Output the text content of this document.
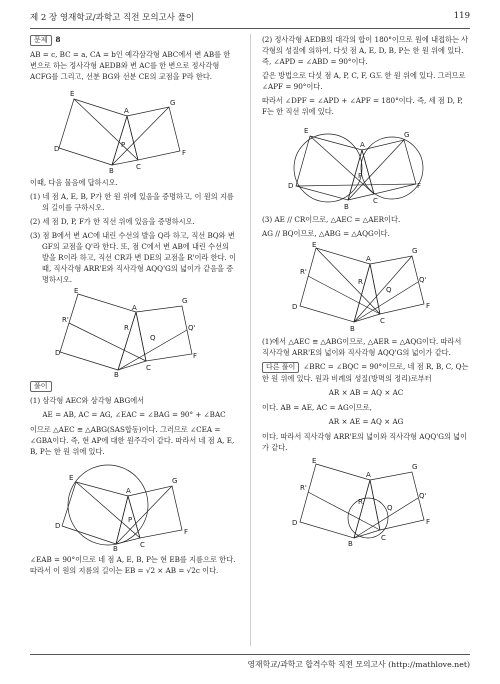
제 2 장 영재학교/과학고 직전 모의고사 풀이	119

문제 8

AB = c, BC = a, CA = b인 예각삼각형 ABC에서 변 AB를 한 변으로 하는 정사각형 AEDB와 변 AC를 한 변으로 정사각형 ACFG를 그리고, 선분 BG와 선분 CE의 교점을 P라 한다.

E
D
A
G
F
B	C
P

이때, 다음 물음에 답하시오.

(1) 네 점 A, E, B, P가 한 원 위에 있음을 증명하고, 이 원의 지름의 길이를 구하시오.

(2) 세 점 D, P, F가 한 직선 위에 있음을 증명하시오.

(3) 점 B에서 변 AC에 내린 수선의 발을 Q라 하고, 직선 BQ와 변 GF의 교점을 Q'라 한다. 또, 점 C에서 변 AB에 내린 수선의 발을 R이라 하고, 직선 CR과 변 DE의 교점을 R'이라 한다. 이때, 직사각형 ARR'E와 직사각형 AQQ'G의 넓이가 같음을 증명하시오.

E
D
R'
A
G
Q'
F
B
C
R
Q

풀이

(1) 삼각형 AEC와 삼각형 ABG에서

AE = AB, AC = AG, ∠EAC = ∠BAG = 90° + ∠BAC

이므로 △AEC ≡ △ABG(SAS합동)이다. 그러므로 ∠CEA = ∠GBA이다. 즉, 현 AP에 대한 원주각이 같다. 따라서 네 점 A, E, B, P는 한 원 위에 있다.

E
D
A
G
F
B	C
P

∠EAB = 90°이므로 네 점 A, E, B, P는 현 EB를 지름으로 한다. 따라서 이 원의 지름의 길이는 EB = √2 × AB = √2c 이다.

(2) 정사각형 AEDB의 대각의 합이 180°이므로 원에 내접하는 사각형의 성질에 의하여, 다섯 점 A, E, D, B, P는 한 원 위에 있다. 즉, ∠APD = ∠ABD = 90°이다.

같은 방법으로 다섯 점 A, P, C, F, G도 한 원 위에 있다. 그러므로 ∠APF = 90°이다.

따라서 ∠DPF = ∠APD + ∠APF = 180°이다. 즉, 세 점 D, P, F는 한 직선 위에 있다.

E
D
A
G
F
B
C
P

(3) AE // CR이므로, △AEC = △AER이다.

AG // BQ이므로, △ABG = △AQG이다.

E
D
R'
A
G
Q'
F
B
C
R
Q

(1)에서 △AEC ≡ △ABG이므로, △AER = △AQG이다. 따라서 직사각형 ARR'E의 넓이와 직사각형 AQQ'G의 넓이가 같다.

다른 풀이 ∠BRC = ∠BQC = 90°이므로, 네 점 R, B, C, Q는 한 원 위에 있다. 원과 비례의 성질(방멱의 정리)로부터

AR × AB = AQ × AC

이다. AB = AE, AC = AG이므로,

AR × AE = AQ × AG

이다. 따라서 직사각형 ARR'E의 넓이와 직사각형 AQQ'G의 넓이가 같다.

E
D
R'
A
G
Q'
F
B
C
R
Q
영재학교/과학고 합격수학 직전 모의고사 (http://mathlove.net)
